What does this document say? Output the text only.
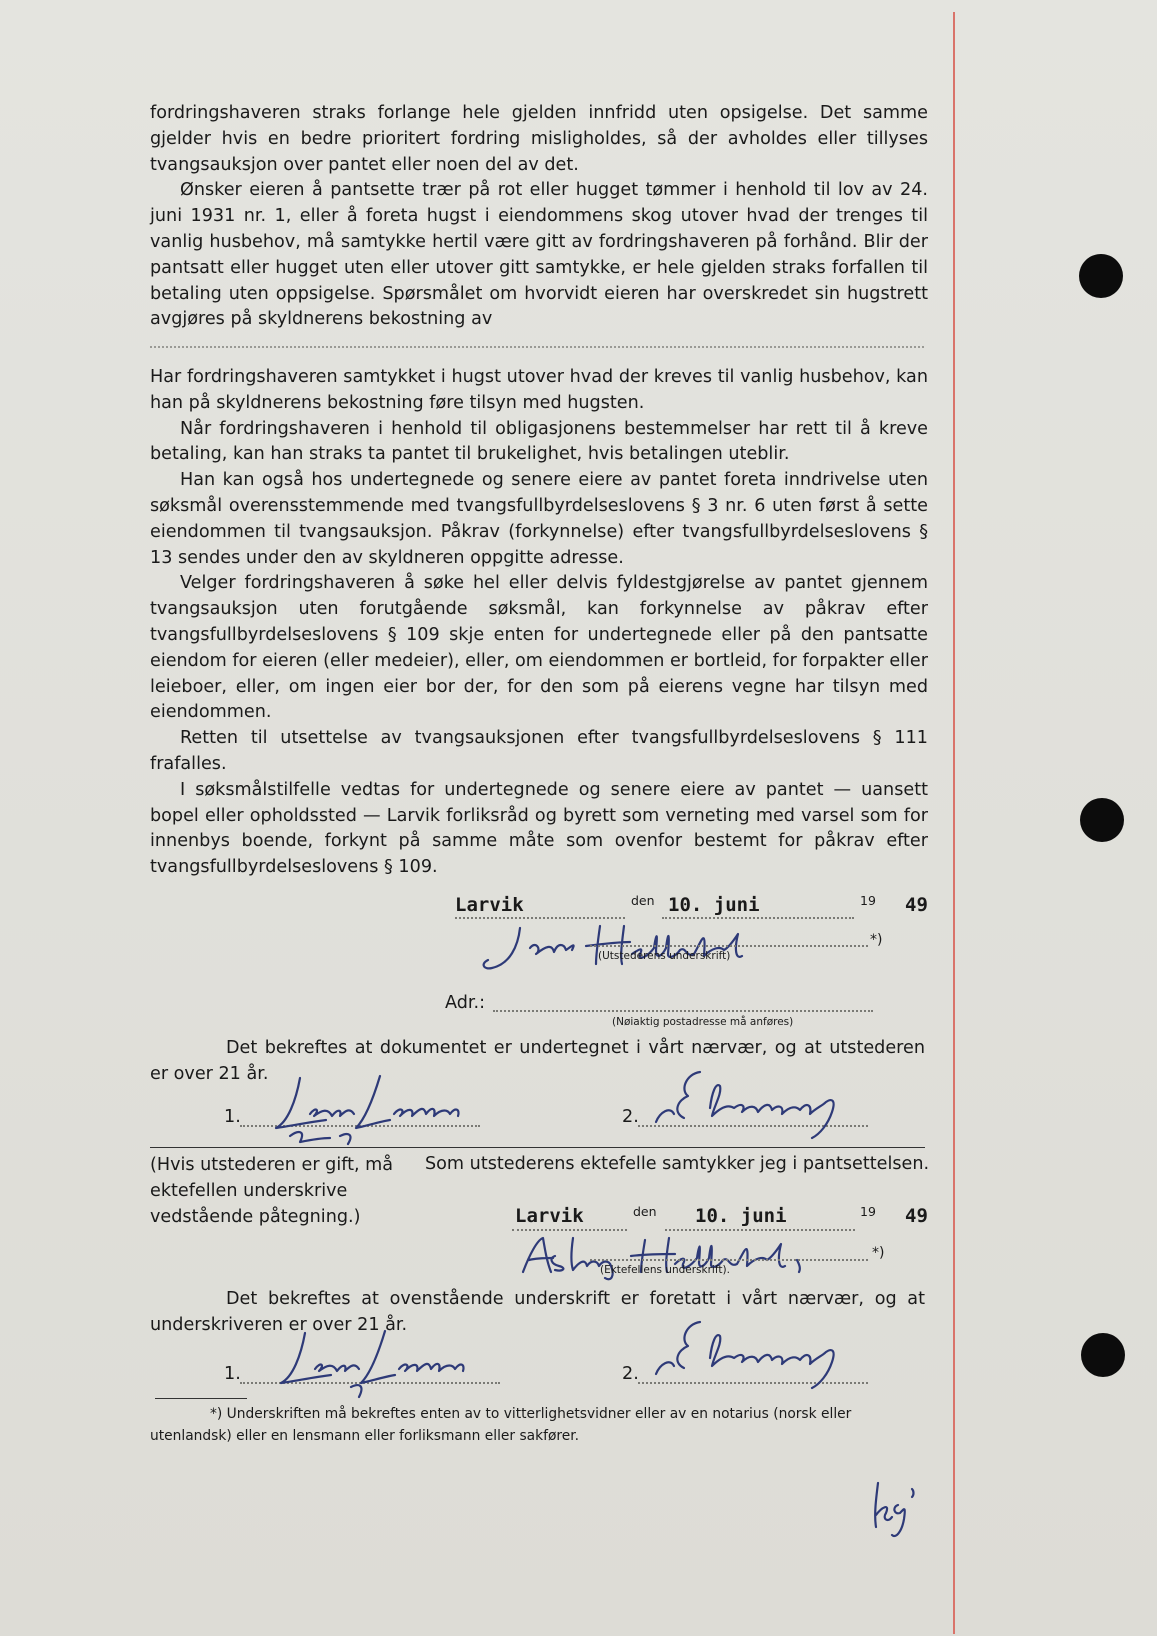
fordringshaveren straks forlange hele gjelden innfridd uten opsigelse. Det samme gjelder hvis en bedre prioritert fordring misligholdes, så der avholdes eller tillyses tvangsauksjon over pantet eller noen del av det.

Ønsker eieren å pantsette trær på rot eller hugget tømmer i henhold til lov av 24. juni 1931 nr. 1, eller å foreta hugst i eiendommens skog utover hvad der trenges til vanlig husbehov, må samtykke hertil være gitt av fordringshaveren på forhånd. Blir der pantsatt eller hugget uten eller utover gitt samtykke, er hele gjelden straks forfallen til betaling uten oppsigelse. Spørsmålet om hvorvidt eieren har overskredet sin hugstrett avgjøres på skyldnerens bekostning av

Har fordringshaveren samtykket i hugst utover hvad der kreves til vanlig husbehov, kan han på skyldnerens bekostning føre tilsyn med hugsten.

Når fordringshaveren i henhold til obligasjonens bestemmelser har rett til å kreve betaling, kan han straks ta pantet til brukelighet, hvis betalingen uteblir.

Han kan også hos undertegnede og senere eiere av pantet foreta inndrivelse uten søksmål overensstemmende med tvangsfullbyrdelseslovens § 3 nr. 6 uten først å sette eiendommen til tvangsauksjon. Påkrav (forkynnelse) efter tvangsfullbyrdelseslovens § 13 sendes under den av skyldneren oppgitte adresse.

Velger fordringshaveren å søke hel eller delvis fyldestgjørelse av pantet gjennem tvangsauksjon uten forutgående søksmål, kan forkynnelse av påkrav efter tvangsfullbyrdelseslovens § 109 skje enten for undertegnede eller på den pantsatte eiendom for eieren (eller medeier), eller, om eiendommen er bortleid, for forpakter eller leieboer, eller, om ingen eier bor der, for den som på eierens vegne har tilsyn med eiendommen.

Retten til utsettelse av tvangsauksjonen efter tvangsfullbyrdelseslovens § 111 frafalles.

I søksmålstilfelle vedtas for undertegnede og senere eiere av pantet — uansett bopel eller opholdssted — Larvik forliksråd og byrett som verneting med varsel som for innenbys boende, forkynt på samme måte som ovenfor bestemt for påkrav efter tvangsfullbyrdelseslovens § 109.

Larvik	den 10. juni	19 49
(Utstederens underskrift)
*)
Adr.:
(Nøiaktig postadresse må anføres)

Det bekreftes at dokumentet er undertegnet i vårt nærvær, og at utstederen er over 21 år.

1.	2.
(Hvis utstederen er gift, må ektefellen underskrive vedstående påtegning.)
Som utstederens ektefelle samtykker jeg i pantsettelsen.
Larvik	den 10. juni	19 49
(Ektefellens underskrift).
*)

Det bekreftes at ovenstående underskrift er foretatt i vårt nærvær, og at underskriveren er over 21 år.

1.	2.

*) Underskriften må bekreftes enten av to vitterlighetsvidner eller av en notarius (norsk eller utenlandsk) eller en lensmann eller forliksmann eller sakfører.
